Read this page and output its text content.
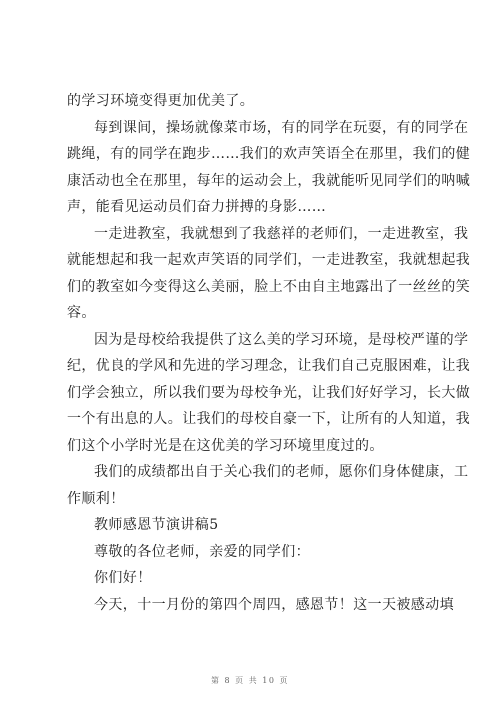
的学习环境变得更加优美了。
每到课间，操场就像菜市场，有的同学在玩耍，有的同学在
跳绳，有的同学在跑步……我们的欢声笑语全在那里，我们的健
康活动也全在那里，每年的运动会上，我就能听见同学们的呐喊
声，能看见运动员们奋力拼搏的身影……
一走进教室，我就想到了我慈祥的老师们，一走进教室，我
就能想起和我一起欢声笑语的同学们，一走进教室，我就想起我
们的教室如今变得这么美丽，脸上不由自主地露出了一丝丝的笑
容。
因为是母校给我提供了这么美的学习环境，是母校严谨的学
纪，优良的学风和先进的学习理念，让我们自己克服困难，让我
们学会独立，所以我们要为母校争光，让我们好好学习，长大做
一个有出息的人。让我们的母校自豪一下，让所有的人知道，我
们这个小学时光是在这优美的学习环境里度过的。
我们的成绩都出自于关心我们的老师，愿你们身体健康，工
作顺利！
教师感恩节演讲稿5
尊敬的各位老师，亲爱的同学们：
你们好！
今天，十一月份的第四个周四，感恩节！这一天被感动填
第 8 页 共 10 页
